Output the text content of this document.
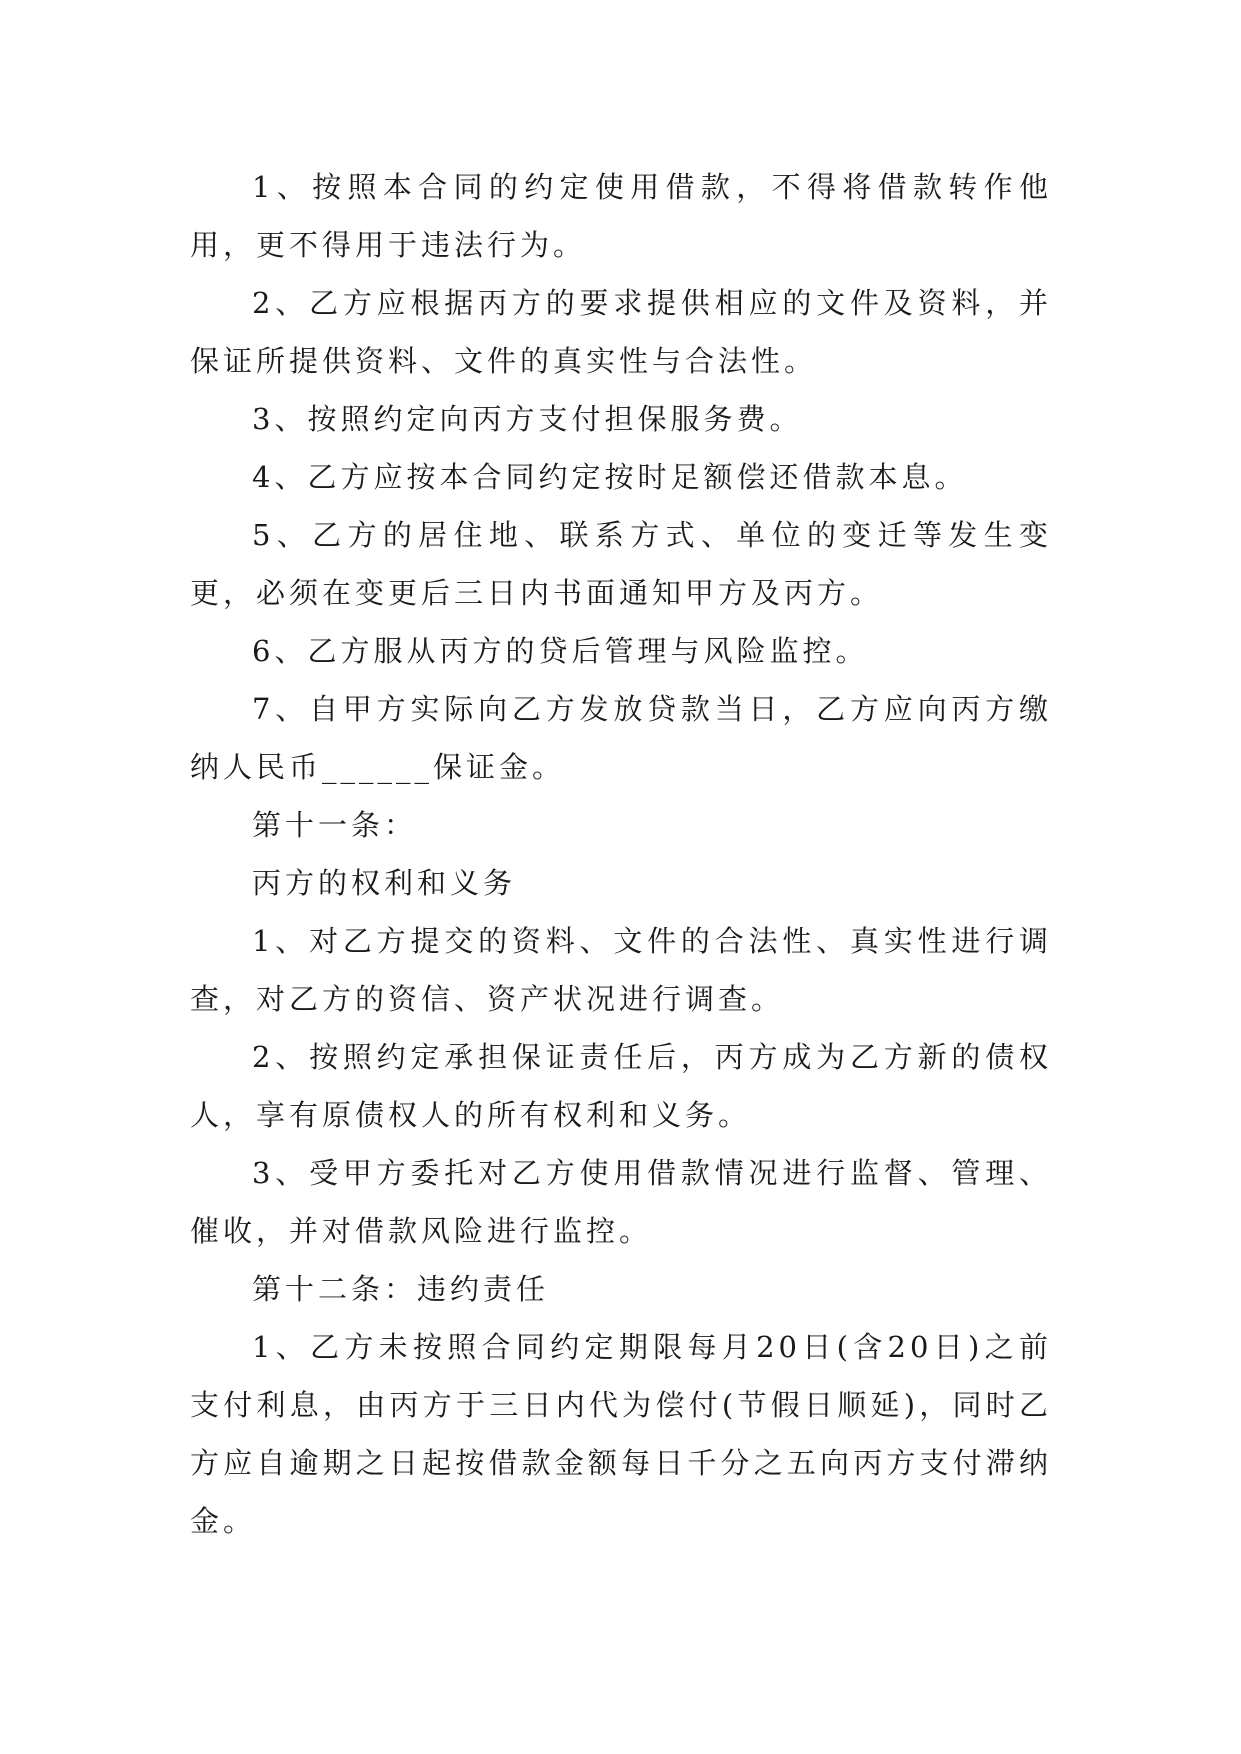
1、按照本合同的约定使用借款，不得将借款转作他用，更不得用于违法行为。

2、乙方应根据丙方的要求提供相应的文件及资料，并保证所提供资料、文件的真实性与合法性。

3、按照约定向丙方支付担保服务费。

4、乙方应按本合同约定按时足额偿还借款本息。

5、乙方的居住地、联系方式、单位的变迁等发生变更，必须在变更后三日内书面通知甲方及丙方。

6、乙方服从丙方的贷后管理与风险监控。

7、自甲方实际向乙方发放贷款当日，乙方应向丙方缴纳人民币______保证金。

第十一条：

丙方的权利和义务

1、对乙方提交的资料、文件的合法性、真实性进行调查，对乙方的资信、资产状况进行调查。

2、按照约定承担保证责任后，丙方成为乙方新的债权人，享有原债权人的所有权利和义务。

3、受甲方委托对乙方使用借款情况进行监督、管理、催收，并对借款风险进行监控。

第十二条：违约责任

1、乙方未按照合同约定期限每月20日(含20日)之前支付利息，由丙方于三日内代为偿付(节假日顺延)，同时乙方应自逾期之日起按借款金额每日千分之五向丙方支付滞纳金。
